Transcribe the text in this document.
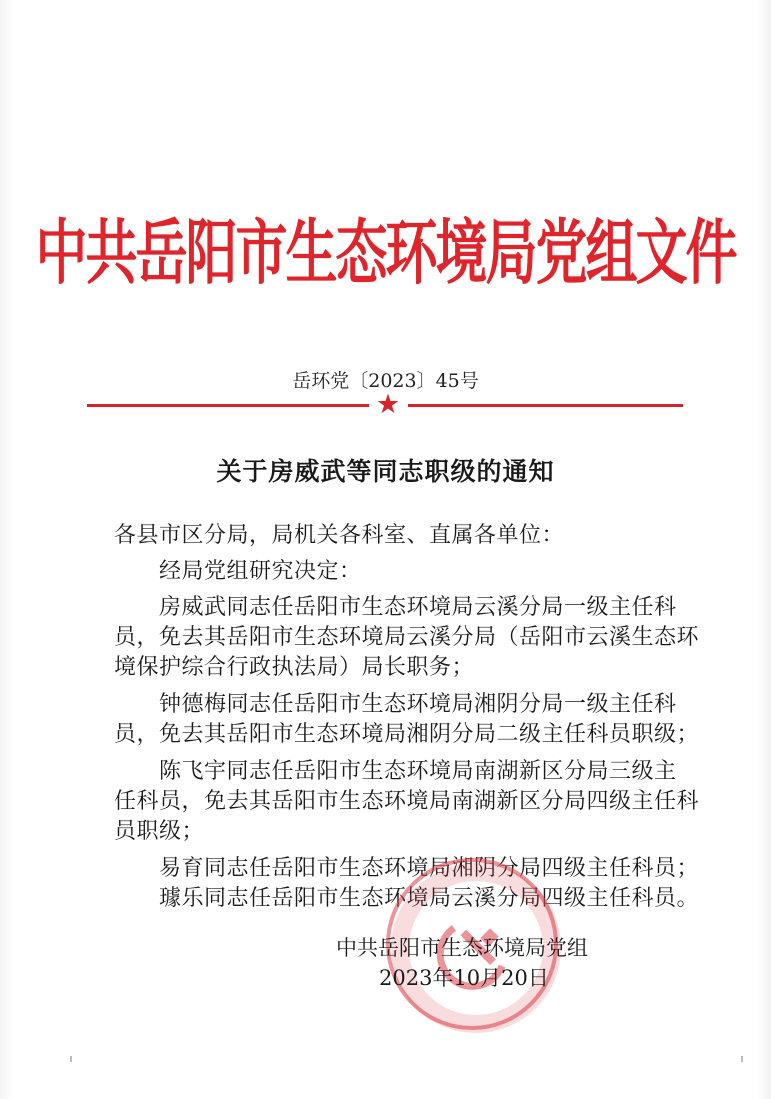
中共岳阳市生态环境局党组文件
岳环党〔2023〕45号
★
关于房威武等同志职级的通知
各县市区分局，局机关各科室、直属各单位：
经局党组研究决定：
房威武同志任岳阳市生态环境局云溪分局一级主任科
员，免去其岳阳市生态环境局云溪分局（岳阳市云溪生态环
境保护综合行政执法局）局长职务；
钟德梅同志任岳阳市生态环境局湘阴分局一级主任科
员，免去其岳阳市生态环境局湘阴分局二级主任科员职级；
陈飞宇同志任岳阳市生态环境局南湖新区分局三级主
任科员，免去其岳阳市生态环境局南湖新区分局四级主任科
员职级；
易育同志任岳阳市生态环境局湘阴分局四级主任科员；
璩乐同志任岳阳市生态环境局云溪分局四级主任科员。
中共岳阳市生态环境局党组
2023年10月20日
